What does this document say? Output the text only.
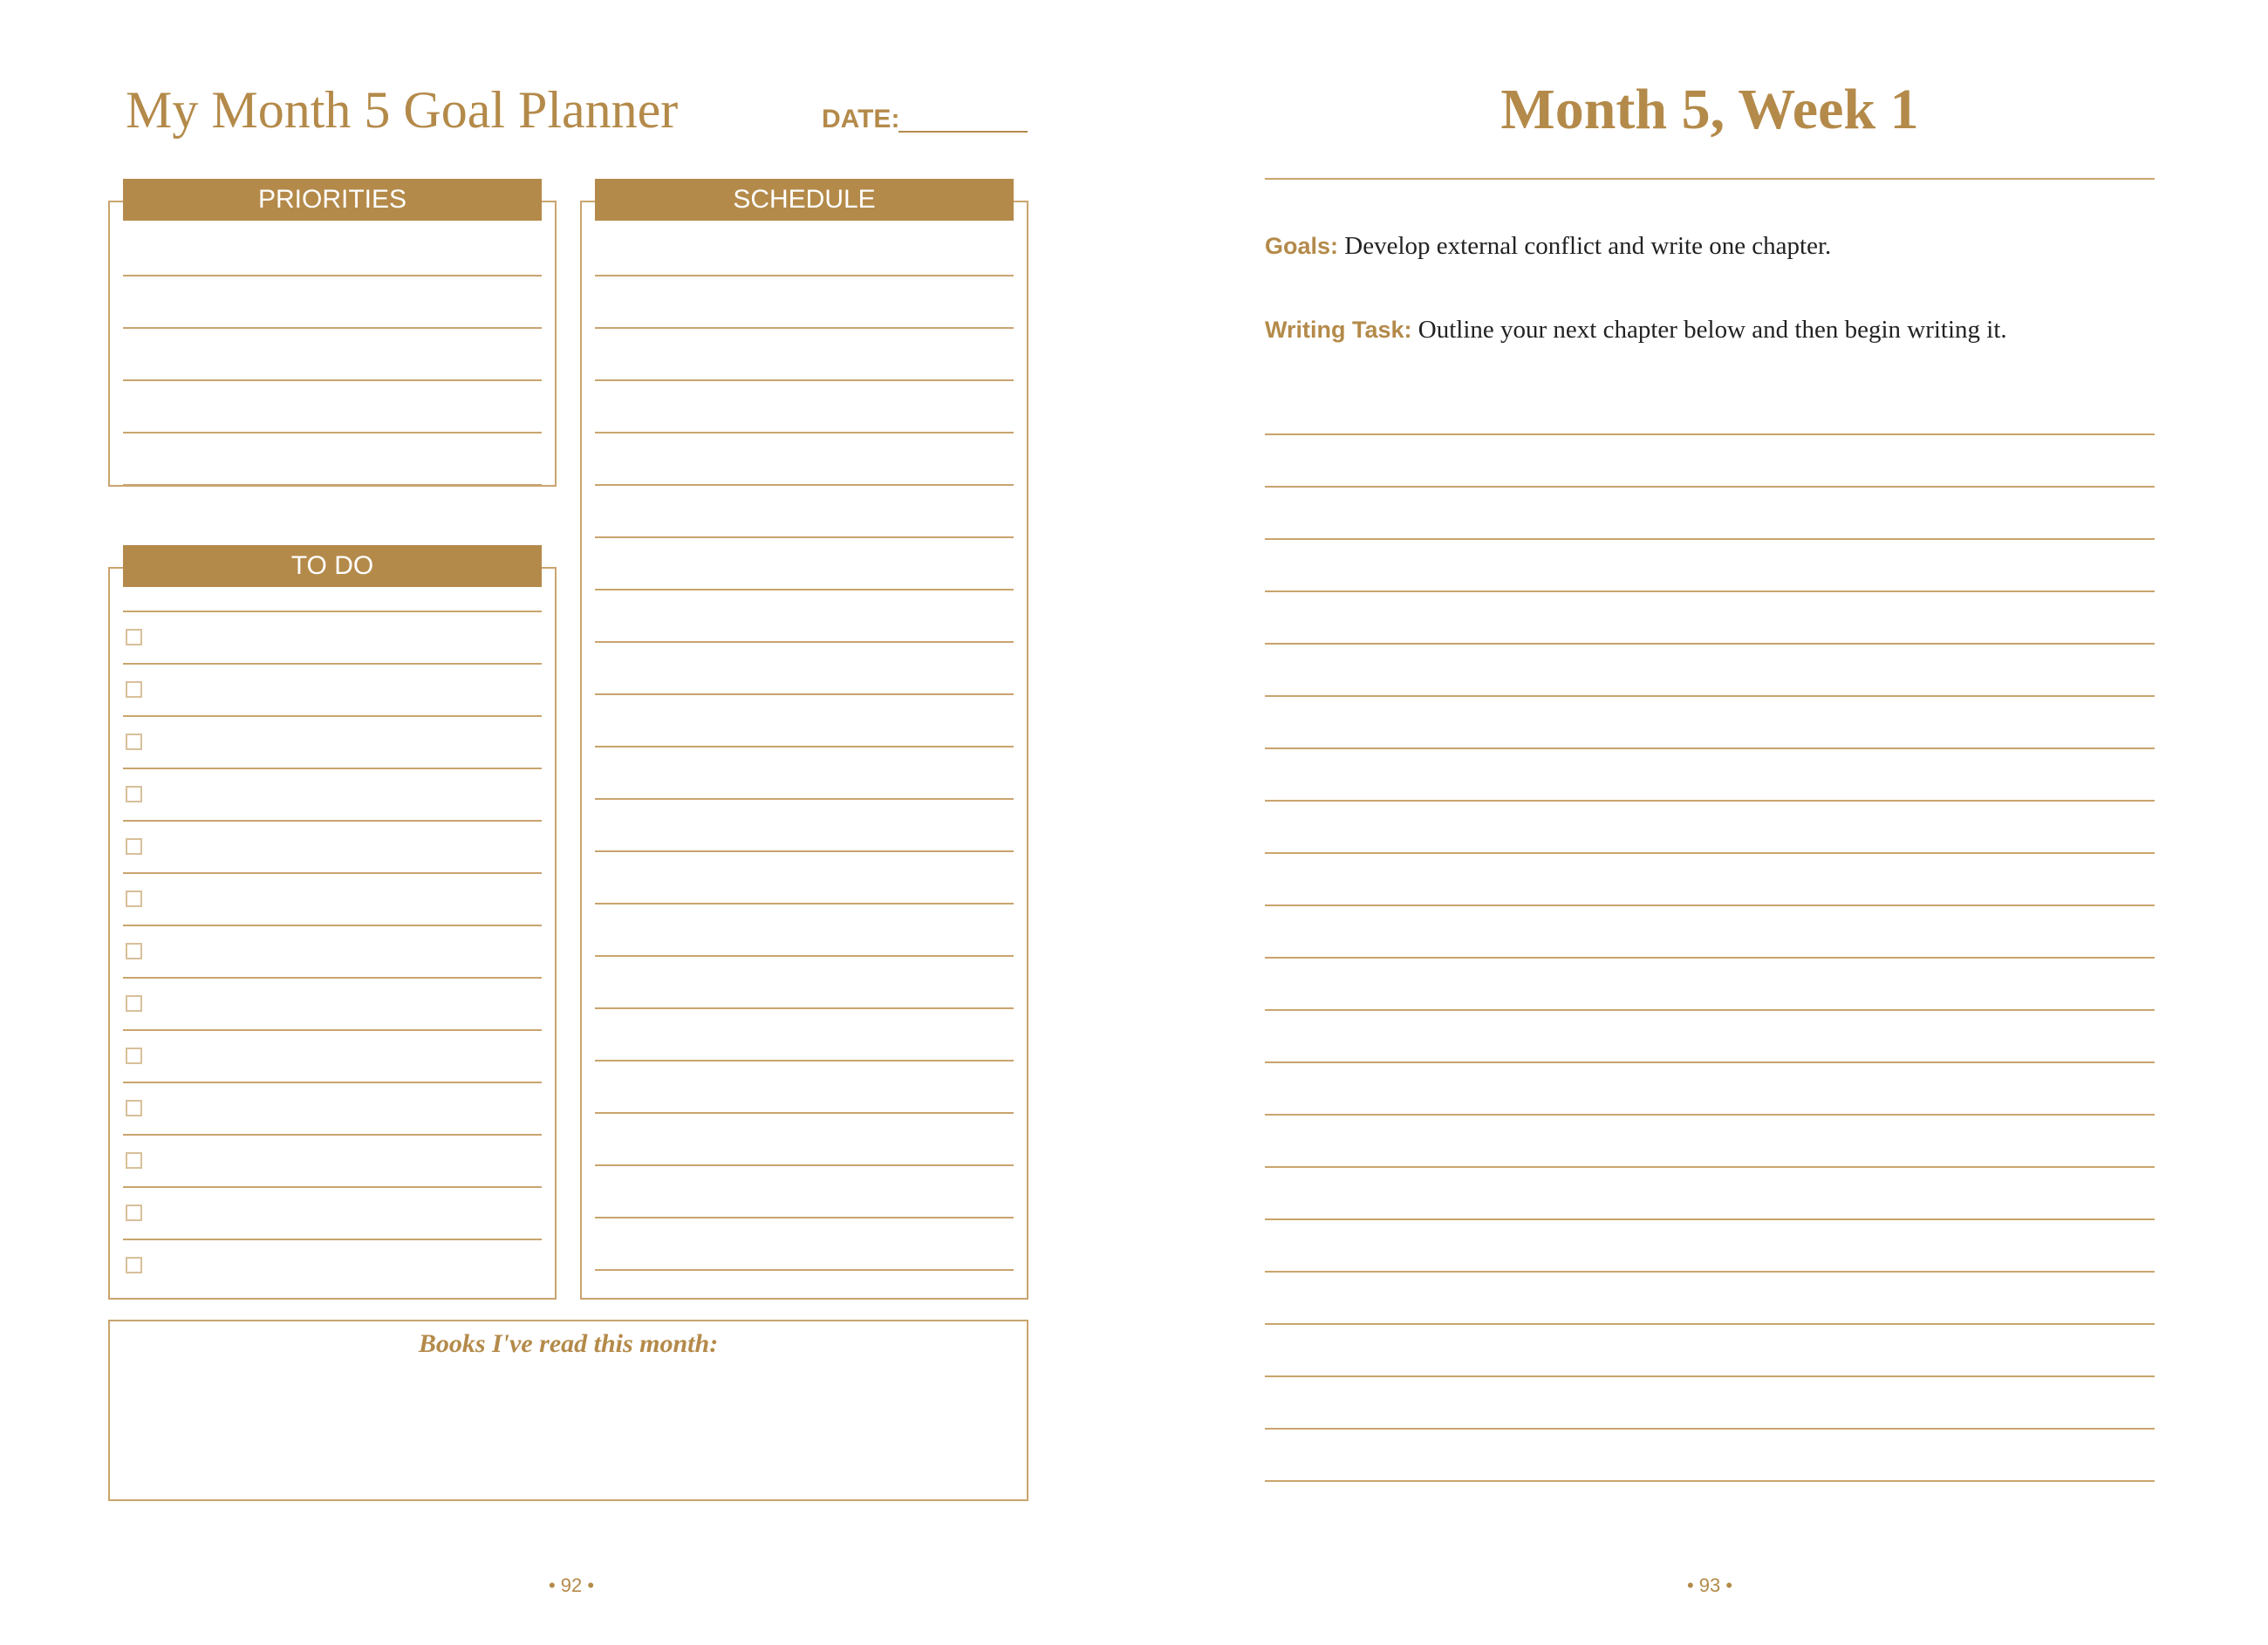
My Month 5 Goal Planner	DATE:
PRIORITIES	SCHEDULE
TO DO
Books I've read this month:
• 92 •
Month 5, Week 1
Goals: Develop external conflict and write one chapter.
Writing Task: Outline your next chapter below and then begin writing it.
• 93 •
